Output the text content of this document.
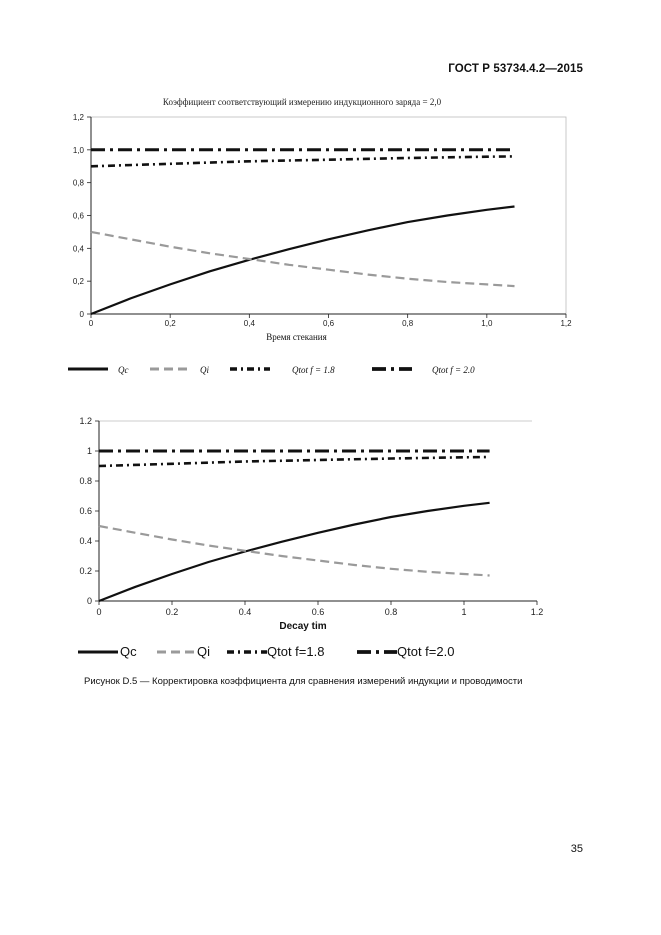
ГОСТ Р 53734.4.2—2015
Коэффициент соответствующий измерению индукционного заряда = 2,0
0	0,2	0,4	0,6	0,8	1,0	1,2
0
0,2
0,4
0,6
0,8
1,0
1,2
Время стекания
Qc	Qi	Qtot f = 1.8	Qtot f = 2.0
0	0.2	0.4	0.6	0.8	1	1.2
0
0.2
0.4
0.6
0.8
1
1.2
Decay tim
Qc	Qi	Qtot f=1.8	Qtot f=2.0
Рисунок D.5 — Корректировка коэффициента для сравнения измерений индукции и проводимости
35
